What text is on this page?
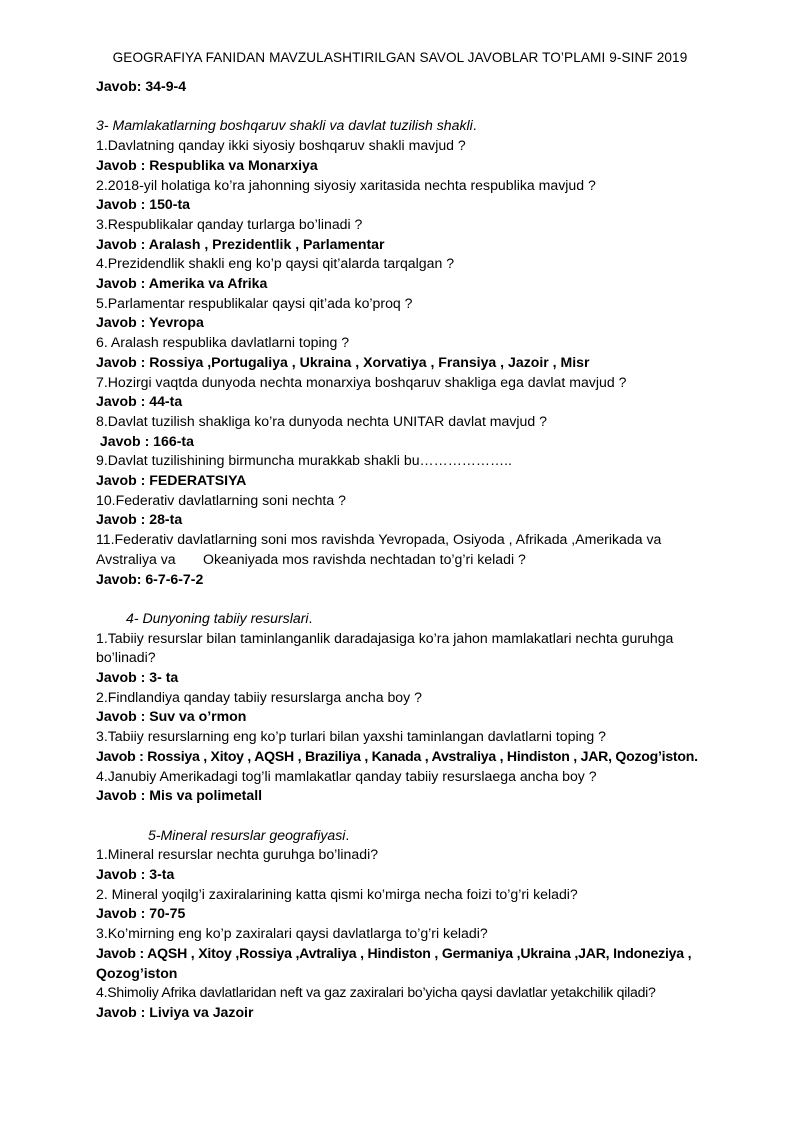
GEOGRAFIYA FANIDAN MAVZULASHTIRILGAN SAVOL JAVOBLAR TO’PLAMI 9-SINF 2019
Javob: 34-9-4
3- Mamlakatlarning boshqaruv shakli va davlat tuzilish shakli.
1.Davlatning qanday ikki siyosiy boshqaruv shakli mavjud ?
Javob : Respublika va Monarxiya
2.2018-yil holatiga ko’ra jahonning siyosiy xaritasida nechta respublika mavjud ?
Javob : 150-ta
3.Respublikalar qanday turlarga bo’linadi ?
Javob : Aralash , Prezidentlik , Parlamentar
4.Prezidendlik shakli eng ko’p qaysi qit’alarda tarqalgan ?
Javob : Amerika va Afrika
5.Parlamentar respublikalar qaysi qit’ada ko’proq ?
Javob : Yevropa
6. Aralash respublika davlatlarni toping ?
Javob : Rossiya ,Portugaliya , Ukraina , Xorvatiya , Fransiya , Jazoir , Misr
7.Hozirgi vaqtda dunyoda nechta monarxiya boshqaruv shakliga ega davlat mavjud ?
Javob : 44-ta
8.Davlat tuzilish shakliga ko’ra dunyoda nechta UNITAR davlat mavjud ?
Javob : 166-ta
9.Davlat tuzilishining birmuncha murakkab shakli bu………………..
Javob : FEDERATSIYA
10.Federativ davlatlarning soni nechta ?
Javob : 28-ta
11.Federativ davlatlarning soni mos ravishda Yevropada, Osiyoda , Afrikada ,Amerikada va
Avstraliya va       Okeaniyada mos ravishda nechtadan to’g’ri keladi ?
Javob: 6-7-6-7-2
4- Dunyoning tabiiy resurslari.
1.Tabiiy resurslar bilan taminlanganlik daradajasiga ko’ra jahon mamlakatlari nechta guruhga
bo’linadi?
Javob : 3- ta
2.Findlandiya qanday tabiiy resurslarga ancha boy ?
Javob : Suv va o’rmon
3.Tabiiy resurslarning eng ko’p turlari bilan yaxshi taminlangan davlatlarni toping ?
Javob : Rossiya , Xitoy , AQSH , Braziliya , Kanada , Avstraliya , Hindiston , JAR, Qozog’iston.
4.Janubiy Amerikadagi tog’li mamlakatlar qanday tabiiy resurslaega ancha boy ?
Javob : Mis va polimetall
5-Mineral resurslar geografiyasi.
1.Mineral resurslar nechta guruhga bo’linadi?
Javob : 3-ta
2. Mineral yoqilg’i zaxiralarining katta qismi ko’mirga necha foizi to’g’ri keladi?
Javob : 70-75
3.Ko’mirning eng ko’p zaxiralari qaysi davlatlarga to’g’ri keladi?
Javob : AQSH , Xitoy ,Rossiya ,Avtraliya , Hindiston , Germaniya ,Ukraina ,JAR, Indoneziya ,
Qozog’iston
4.Shimoliy Afrika davlatlaridan neft va gaz zaxiralari bo’yicha qaysi davlatlar yetakchilik qiladi?
Javob : Liviya va Jazoir
